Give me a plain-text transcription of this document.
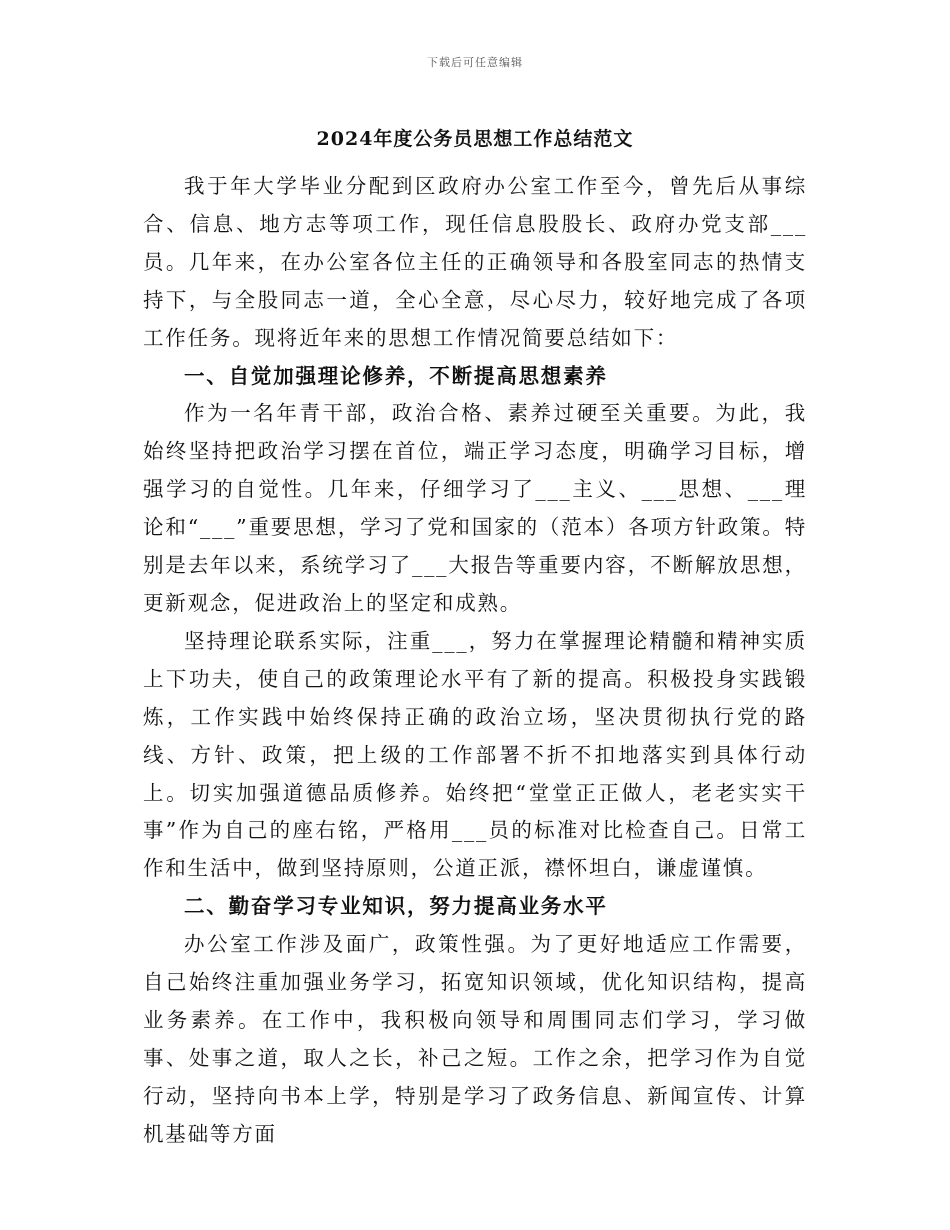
下载后可任意编辑
2024年度公务员思想工作总结范文

我于年大学毕业分配到区政府办公室工作至今，曾先后从事综合、信息、地方志等项工作，现任信息股股长、政府办党支部___员。几年来，在办公室各位主任的正确领导和各股室同志的热情支持下，与全股同志一道，全心全意，尽心尽力，较好地完成了各项工作任务。现将近年来的思想工作情况简要总结如下：

一、自觉加强理论修养，不断提高思想素养

作为一名年青干部，政治合格、素养过硬至关重要。为此，我始终坚持把政治学习摆在首位，端正学习态度，明确学习目标，增强学习的自觉性。几年来，仔细学习了___主义、___思想、___理论和“___”重要思想，学习了党和国家的（范本）各项方针政策。特别是去年以来，系统学习了___大报告等重要内容，不断解放思想，更新观念，促进政治上的坚定和成熟。

坚持理论联系实际，注重___，努力在掌握理论精髓和精神实质上下功夫，使自己的政策理论水平有了新的提高。积极投身实践锻炼，工作实践中始终保持正确的政治立场，坚决贯彻执行党的路线、方针、政策，把上级的工作部署不折不扣地落实到具体行动上。切实加强道德品质修养。始终把“堂堂正正做人，老老实实干事”作为自己的座右铭，严格用___员的标准对比检查自己。日常工作和生活中，做到坚持原则，公道正派，襟怀坦白，谦虚谨慎。

二、勤奋学习专业知识，努力提高业务水平

办公室工作涉及面广，政策性强。为了更好地适应工作需要，自己始终注重加强业务学习，拓宽知识领域，优化知识结构，提高业务素养。在工作中，我积极向领导和周围同志们学习，学习做事、处事之道，取人之长，补己之短。工作之余，把学习作为自觉行动，坚持向书本上学，特别是学习了政务信息、新闻宣传、计算机基础等方面
